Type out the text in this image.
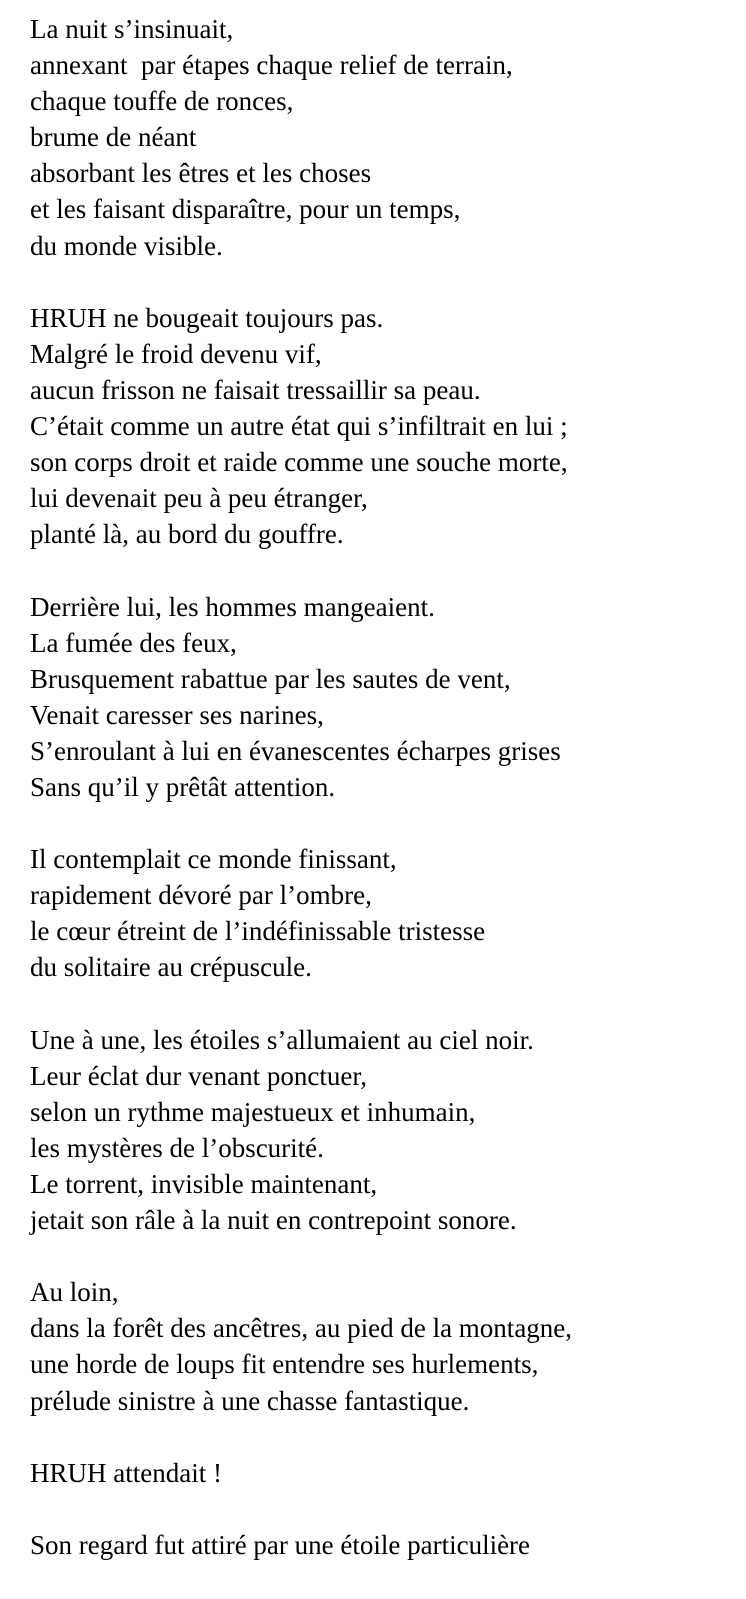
La nuit s’insinuait,
annexant  par étapes chaque relief de terrain,
chaque touffe de ronces,
brume de néant
absorbant les êtres et les choses
et les faisant disparaître, pour un temps,
du monde visible.
HRUH ne bougeait toujours pas.
Malgré le froid devenu vif,
aucun frisson ne faisait tressaillir sa peau.
C’était comme un autre état qui s’infiltrait en lui ;
son corps droit et raide comme une souche morte,
lui devenait peu à peu étranger,
planté là, au bord du gouffre.
Derrière lui, les hommes mangeaient.
La fumée des feux,
Brusquement rabattue par les sautes de vent,
Venait caresser ses narines,
S’enroulant à lui en évanescentes écharpes grises
Sans qu’il y prêtât attention.
Il contemplait ce monde finissant,
rapidement dévoré par l’ombre,
le cœur étreint de l’indéfinissable tristesse
du solitaire au crépuscule.
Une à une, les étoiles s’allumaient au ciel noir.
Leur éclat dur venant ponctuer,
selon un rythme majestueux et inhumain,
les mystères de l’obscurité.
Le torrent, invisible maintenant,
jetait son râle à la nuit en contrepoint sonore.
Au loin,
dans la forêt des ancêtres, au pied de la montagne,
une horde de loups fit entendre ses hurlements,
prélude sinistre à une chasse fantastique.
HRUH attendait !
Son regard fut attiré par une étoile particulière
